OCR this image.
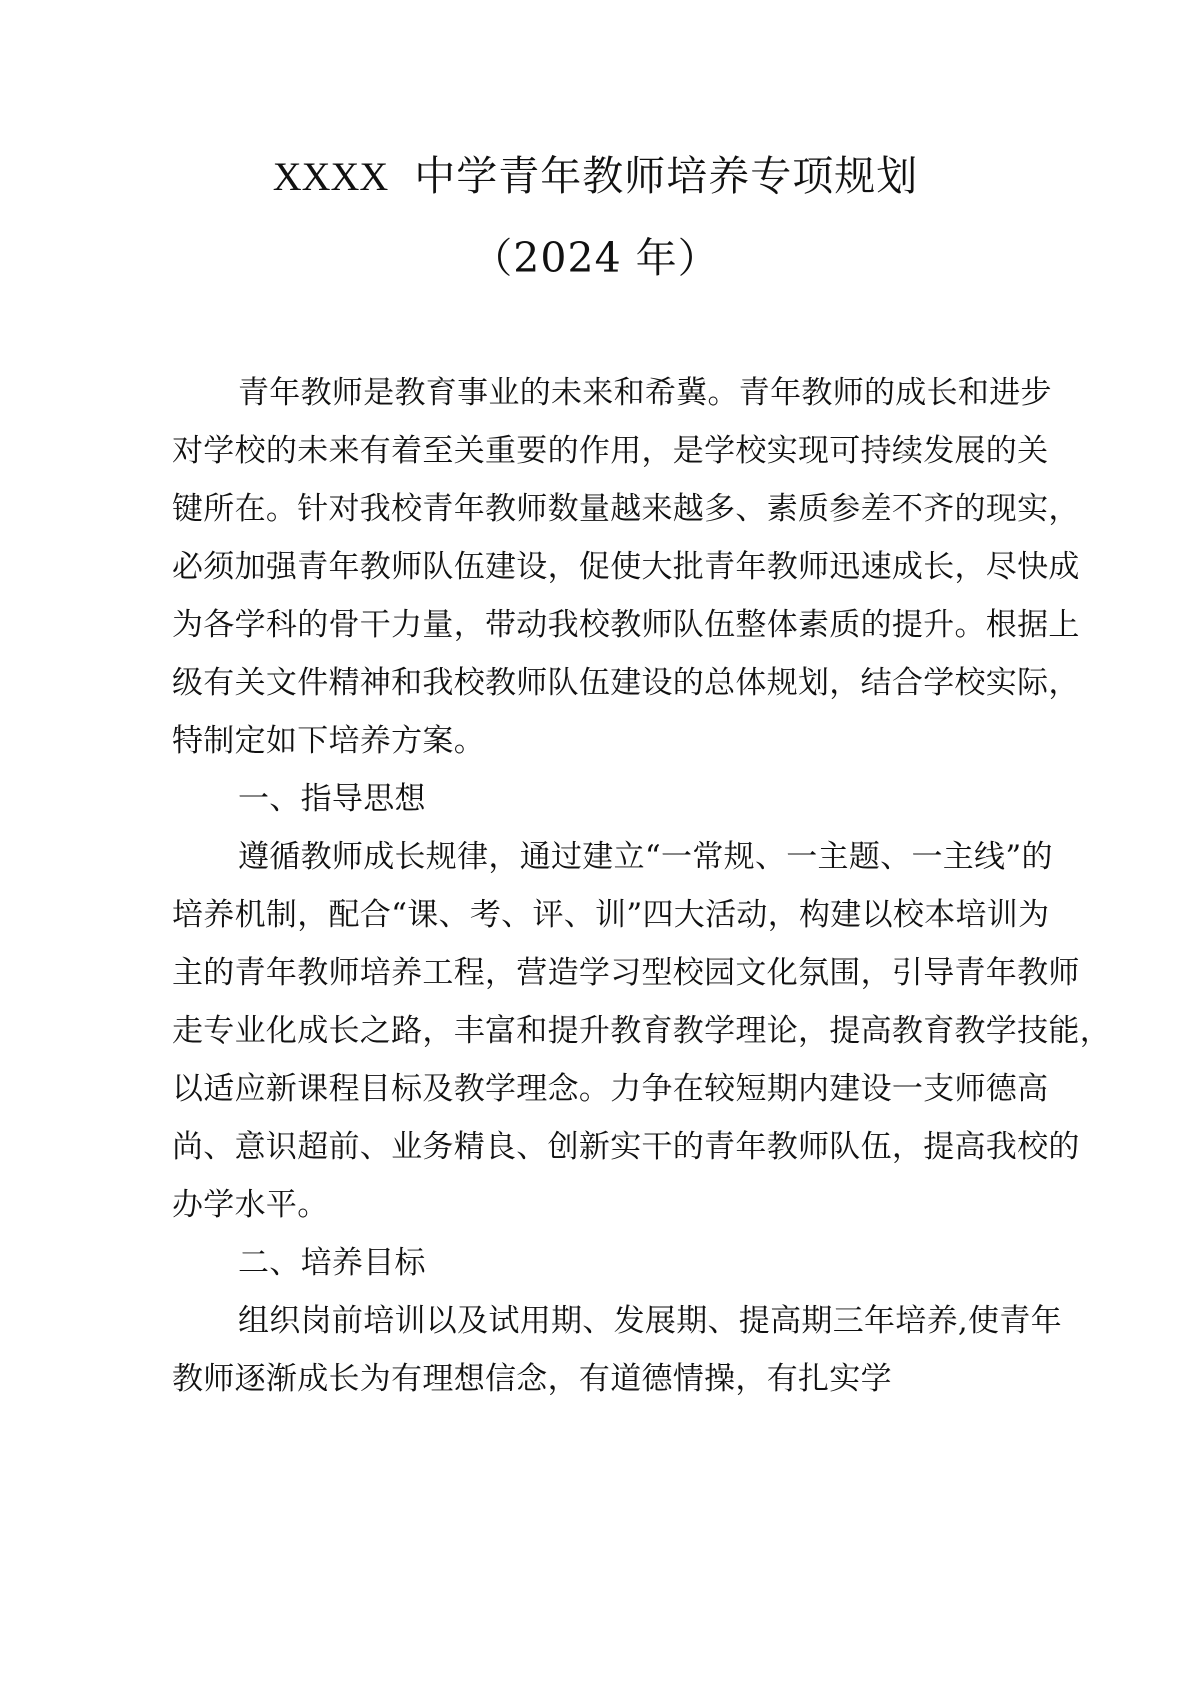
XXXX 中学青年教师培养专项规划
（2024 年）
青年教师是教育事业的未来和希冀。青年教师的成长和进步
对学校的未来有着至关重要的作用，是学校实现可持续发展的关
键所在。针对我校青年教师数量越来越多、素质参差不齐的现实，
必须加强青年教师队伍建设，促使大批青年教师迅速成长，尽快成
为各学科的骨干力量，带动我校教师队伍整体素质的提升。根据上
级有关文件精神和我校教师队伍建设的总体规划，结合学校实际，
特制定如下培养方案。
一、指导思想
遵循教师成长规律，通过建立“一常规、一主题、一主线”的
培养机制，配合“课、考、评、训”四大活动，构建以校本培训为
主的青年教师培养工程，营造学习型校园文化氛围，引导青年教师
走专业化成长之路，丰富和提升教育教学理论，提高教育教学技能，
以适应新课程目标及教学理念。力争在较短期内建设一支师德高
尚、意识超前、业务精良、创新实干的青年教师队伍，提高我校的
办学水平。
二、培养目标
组织岗前培训以及试用期、发展期、提高期三年培养,使青年
教师逐渐成长为有理想信念，有道德情操，有扎实学
